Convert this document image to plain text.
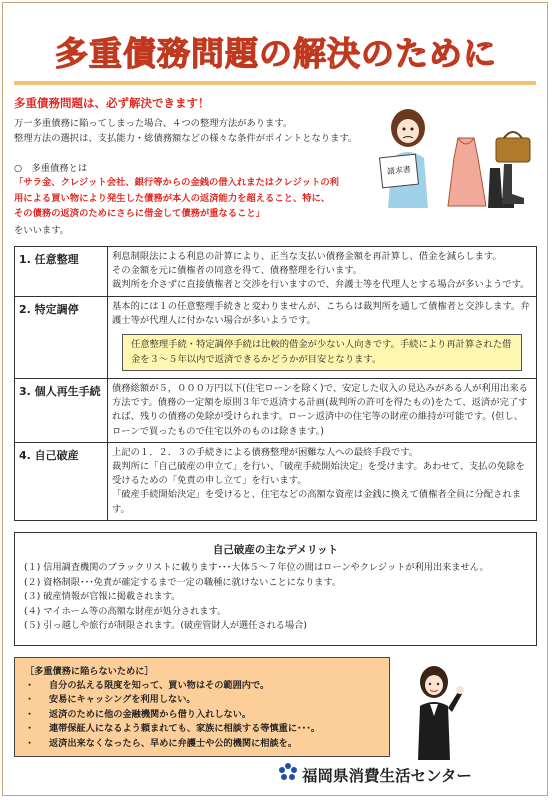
多重債務問題の解決のために
多重債務問題は、必ず解決できます！
万一多重債務に陥ってしまった場合、４つの整理方法があります。
整理方法の選択は、支払能力・総債務額などの様々な条件がポイントとなります。
○　多重債務とは
「サラ金、クレジット会社、銀行等からの金銭の借入れまたはクレジットの利
用による買い物により発生した債務が本人の返済能力を超えること、特に、
その債務の返済のためにさらに借金して債務が重なること」
をいいます。
請求書
1. 任意整理	利息制限法による利息の計算により、正当な支払い債務金額を再計算し、借金を減らします。
その金額を元に債権者の同意を得て、債務整理を行います。
裁判所を介さずに直接債権者と交渉を行いますので、弁護士等を代理人とする場合が多いようです。

2. 特定調停	基本的には１の任意整理手続きと変わりませんが、こちらは裁判所を通して債権者と交渉します。弁護士等が代理人に付かない場合が多いようです。
任意整理手続・特定調停手続は比較的借金が少ない人向きです。手続により再計算された借金を３～５年以内で返済できるかどうかが目安となります。

3. 個人再生手続	債務総額が５，０００万円以下(住宅ローンを除く)で、安定した収入の見込みがある人が利用出来る方法です。債務の一定額を原則３年で返済する計画(裁判所の許可を得たもの)をたて、返済が完了すれば、残りの債務の免除が受けられます。ローン返済中の住宅等の財産の維持が可能です。(但し、ローンで買ったもので住宅以外のものは除きます。)

4. 自己破産	上記の１．２．３の手続きによる債務整理が困難な人への最終手段です。
裁判所に「自己破産の申立て」を行い、「破産手続開始決定」を受けます。あわせて、支払の免除を受けるための「免責の申し立て」を行います。
「破産手続開始決定」を受けると、住宅などの高額な資産は金銭に換えて債権者全員に分配されます。
自己破産の主なデメリット
(１) 信用調査機関のブラックリストに載ります･･･大体５～７年位の間はローンやクレジットが利用出来ません。
(２) 資格制限･･･免責が確定するまで一定の職種に就けないことになります。
(３) 破産情報が官報に掲載されます。
(４) マイホーム等の高額な財産が処分されます。
(５) 引っ越しや旅行が制限されます。(破産管財人が選任される場合)
［多重債務に陥らないために］
・ 自分の払える限度を知って、買い物はその範囲内で。
・ 安易にキャッシングを利用しない。
・ 返済のために他の金融機関から借り入れしない。
・ 連帯保証人になるよう頼まれても、家族に相談する等慎重に･･･。
・ 返済出来なくなったら、早めに弁護士や公的機関に相談を。
福岡県消費生活センター
